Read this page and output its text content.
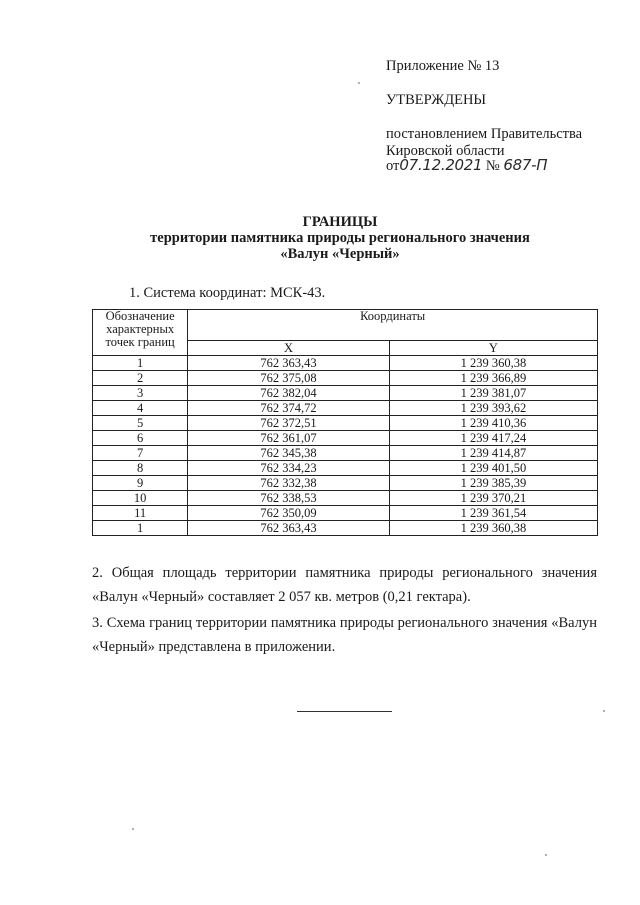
Приложение № 13
УТВЕРЖДЕНЫ
постановлением Правительства
Кировской области
от07.12.2021 № 687-П
ГРАНИЦЫ
территории памятника природы регионального значения
«Валун «Черный»
1. Система координат: МСК-43.
Обозначение характерных точек границ	Координаты	
	X	Y
1	762 363,43	1 239 360,38
2	762 375,08	1 239 366,89
3	762 382,04	1 239 381,07
4	762 374,72	1 239 393,62
5	762 372,51	1 239 410,36
6	762 361,07	1 239 417,24
7	762 345,38	1 239 414,87
8	762 334,23	1 239 401,50
9	762 332,38	1 239 385,39
10	762 338,53	1 239 370,21
11	762 350,09	1 239 361,54
1	762 363,43	1 239 360,38
2. Общая площадь территории памятника природы регионального значения «Валун «Черный» составляет 2 057 кв. метров (0,21 гектара).
3. Схема границ территории памятника природы регионального значения «Валун «Черный» представлена в приложении.
